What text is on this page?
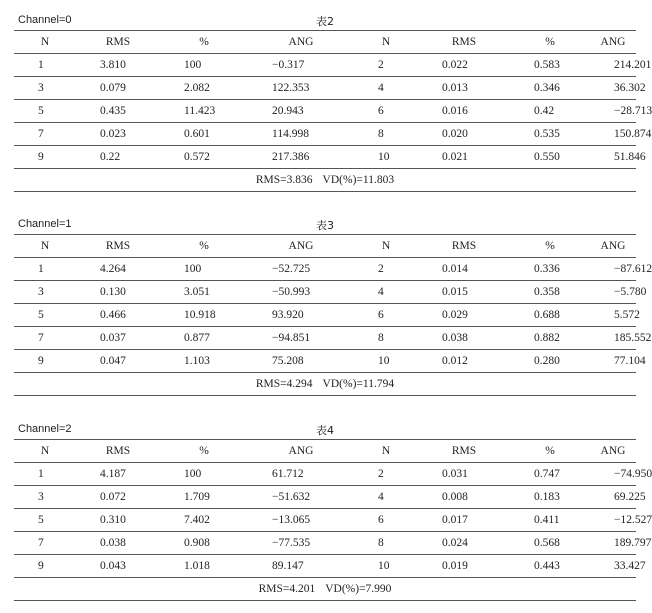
表2
Channel=0
N	RMS	%	ANG	N	RMS	%	ANG
1	3.810	100	−0.317	2	0.022	0.583	214.201
3	0.079	2.082	122.353	4	0.013	0.346	36.302
5	0.435	11.423	20.943	6	0.016	0.42	−28.713
7	0.023	0.601	114.998	8	0.020	0.535	150.874
9	0.22	0.572	217.386	10	0.021	0.550	51.846
RMS=3.836 VD(%)=11.803
表3
Channel=1
N	RMS	%	ANG	N	RMS	%	ANG
1	4.264	100	−52.725	2	0.014	0.336	−87.612
3	0.130	3.051	−50.993	4	0.015	0.358	−5.780
5	0.466	10.918	93.920	6	0.029	0.688	5.572
7	0.037	0.877	−94.851	8	0.038	0.882	185.552
9	0.047	1.103	75.208	10	0.012	0.280	77.104
RMS=4.294 VD(%)=11.794
表4
Channel=2
N	RMS	%	ANG	N	RMS	%	ANG
1	4.187	100	61.712	2	0.031	0.747	−74.950
3	0.072	1.709	−51.632	4	0.008	0.183	69.225
5	0.310	7.402	−13.065	6	0.017	0.411	−12.527
7	0.038	0.908	−77.535	8	0.024	0.568	189.797
9	0.043	1.018	89.147	10	0.019	0.443	33.427
RMS=4.201 VD(%)=7.990
